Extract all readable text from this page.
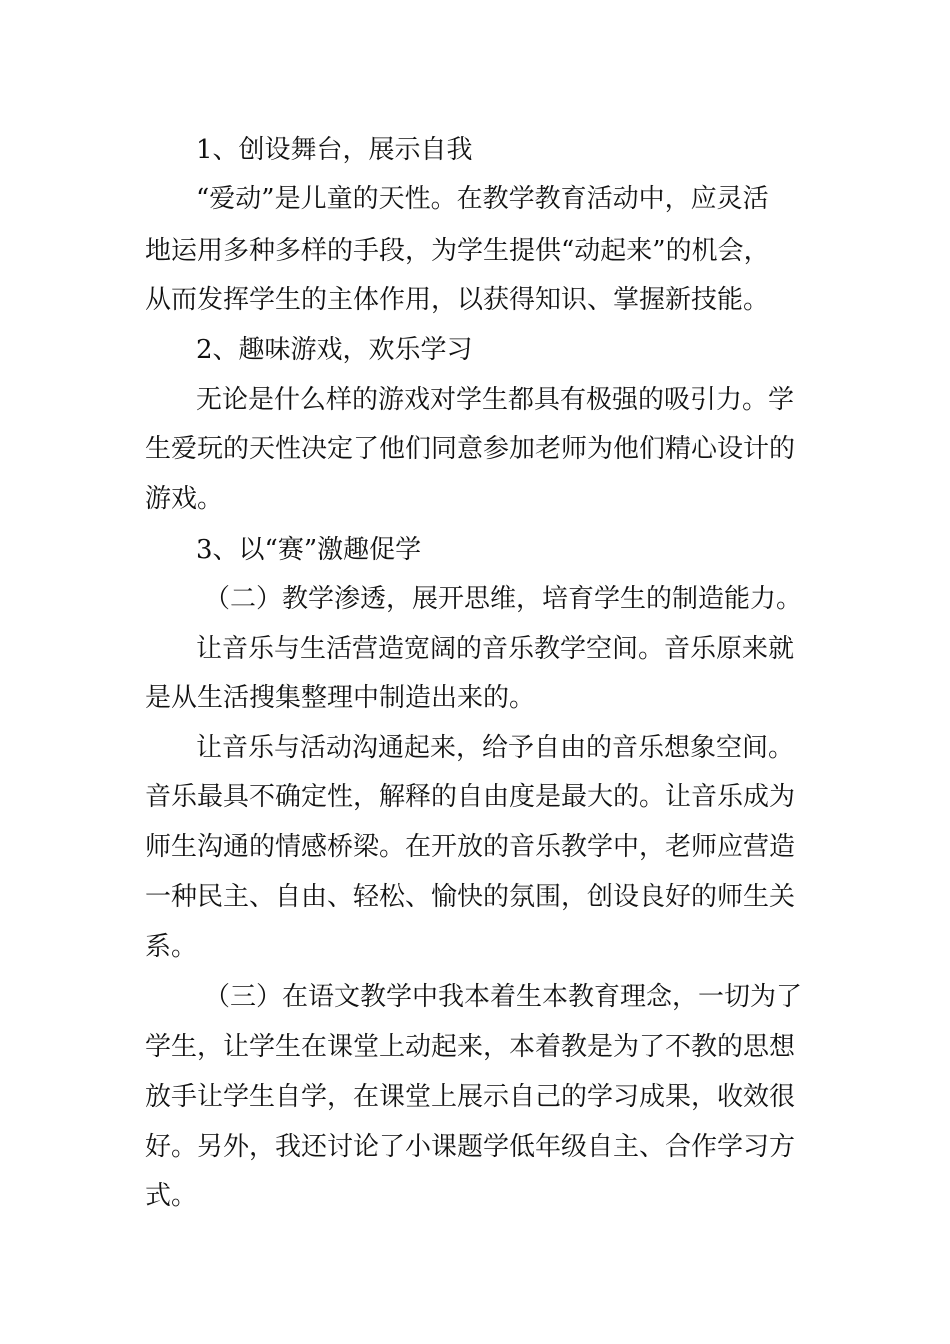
1、创设舞台，展示自我
“爱动”是儿童的天性。在教学教育活动中，应灵活
地运用多种多样的手段，为学生提供“动起来”的机会，
从而发挥学生的主体作用，以获得知识、掌握新技能。
2、趣味游戏，欢乐学习
无论是什么样的游戏对学生都具有极强的吸引力。学
生爱玩的天性决定了他们同意参加老师为他们精心设计的
游戏。
3、以“赛”激趣促学
（二）教学渗透，展开思维，培育学生的制造能力。
让音乐与生活营造宽阔的音乐教学空间。音乐原来就
是从生活搜集整理中制造出来的。
让音乐与活动沟通起来，给予自由的音乐想象空间。
音乐最具不确定性，解释的自由度是最大的。让音乐成为
师生沟通的情感桥梁。在开放的音乐教学中，老师应营造
一种民主、自由、轻松、愉快的氛围，创设良好的师生关
系。
（三）在语文教学中我本着生本教育理念，一切为了
学生，让学生在课堂上动起来，本着教是为了不教的思想
放手让学生自学，在课堂上展示自己的学习成果，收效很
好。另外，我还讨论了小课题学低年级自主、合作学习方
式。
